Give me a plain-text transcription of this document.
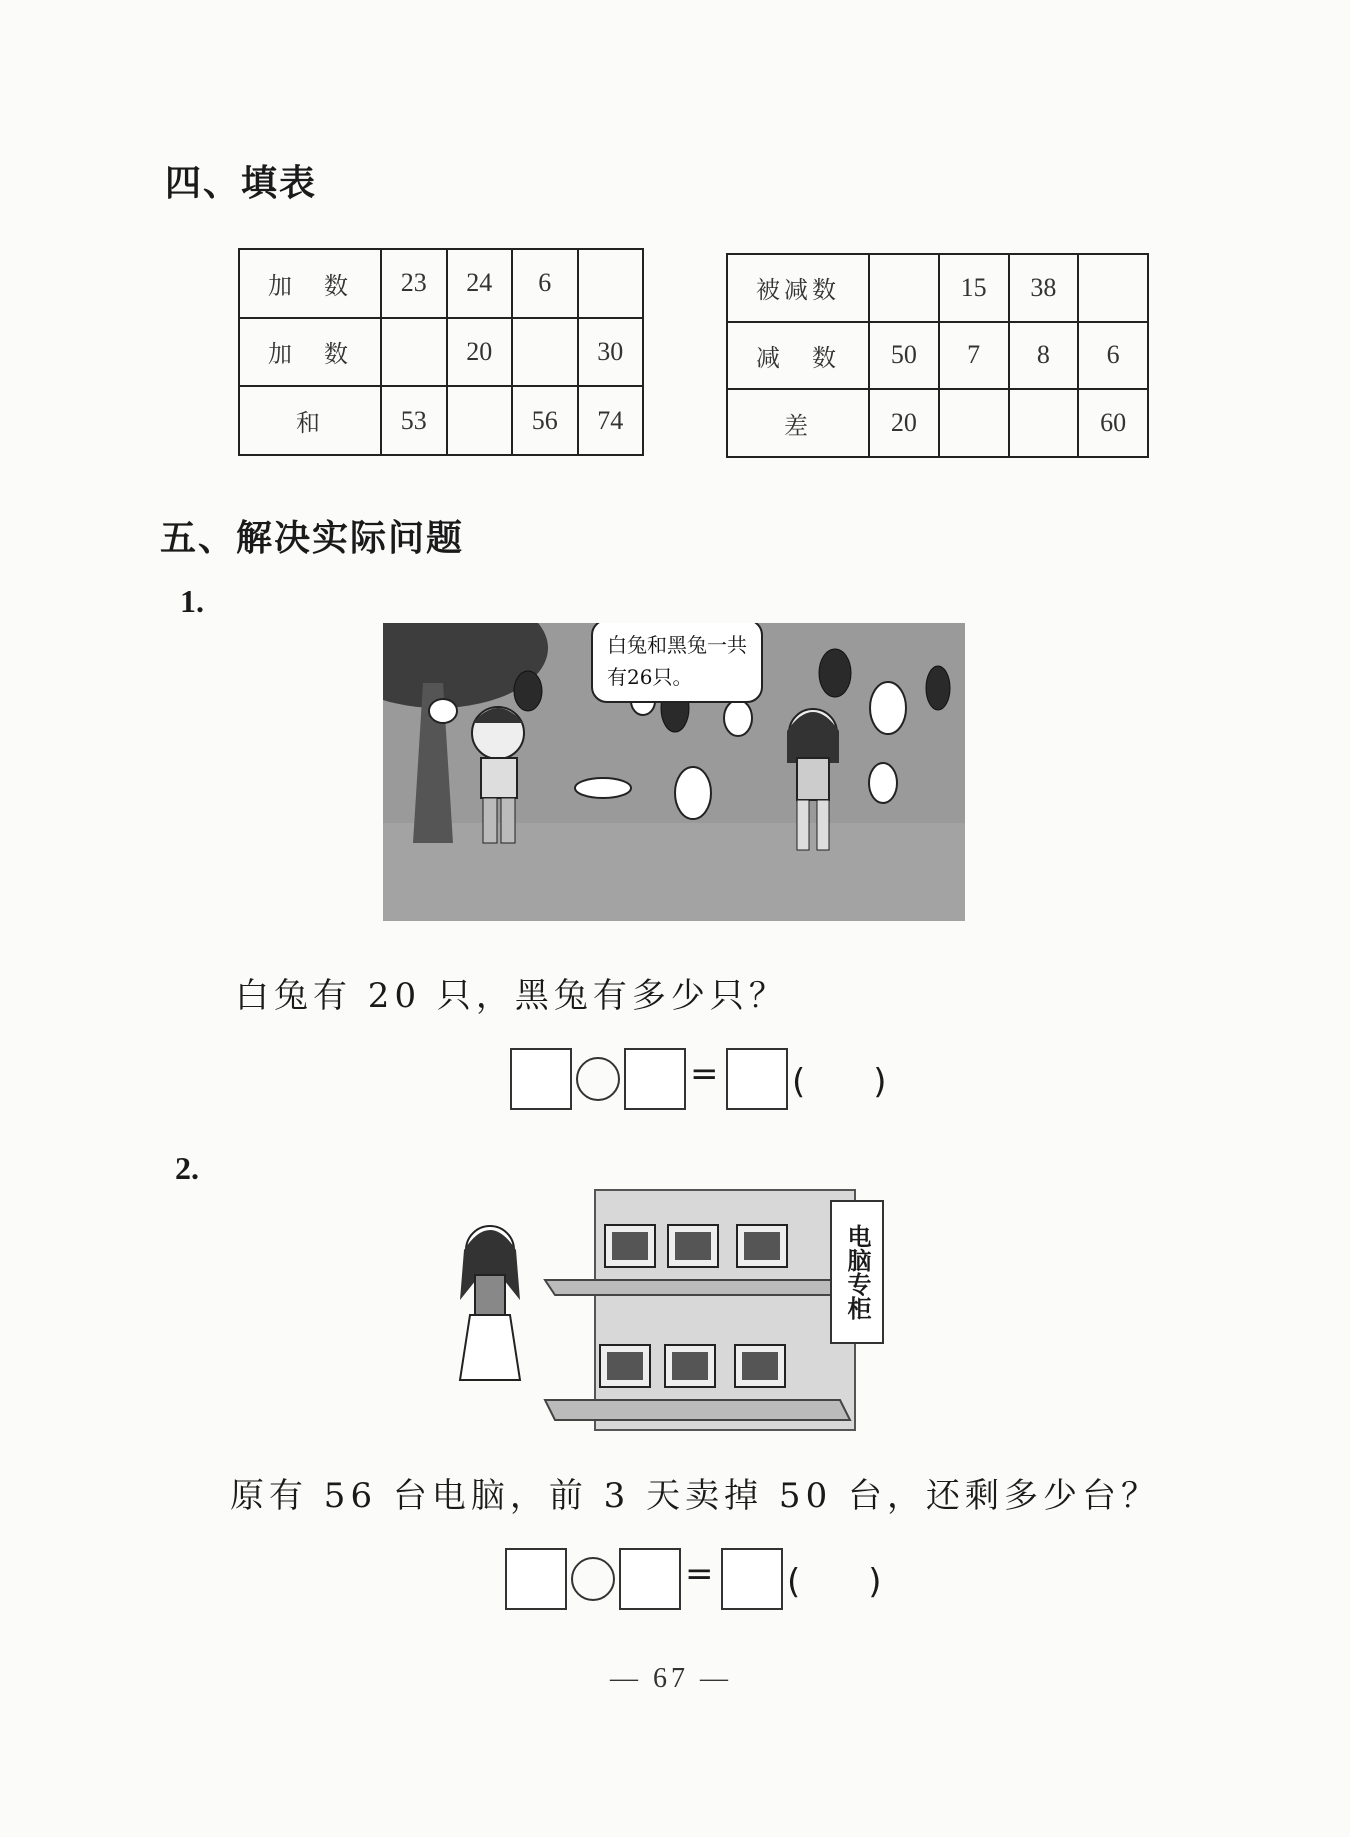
四、填表
加　数	23	24	6	
加　数		20		30
和	53		56	74
被减数		15	38	
减　数	50	7	8	6
差	20			60
五、解决实际问题
1.
白兔和黑兔一共
有26只。
白兔有 20 只，黑兔有多少只？
= (　　)
2.
电脑专柜
原有 56 台电脑，前 3 天卖掉 50 台，还剩多少台？
= (　　)
— 67 —
